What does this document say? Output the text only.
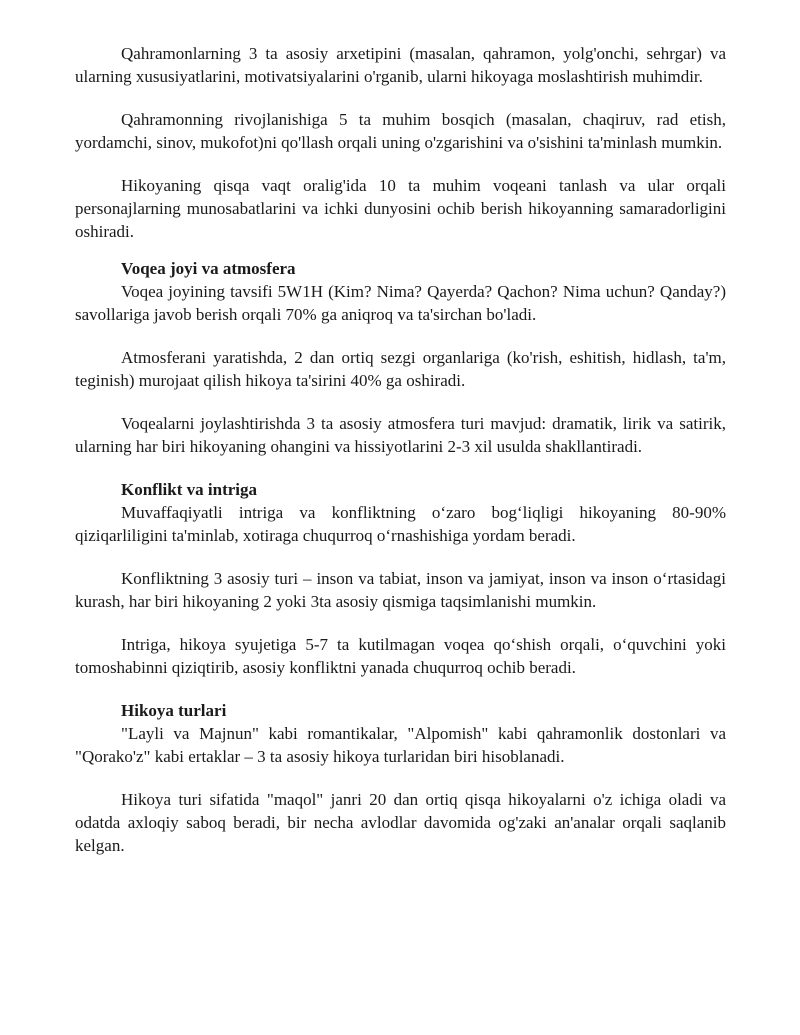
Qahramonlarning 3 ta asosiy arxetipini (masalan, qahramon, yolg'onchi, sehrgar) va ularning xususiyatlarini, motivatsiyalarini o'rganib, ularni hikoyaga moslashtirish muhimdir.

Qahramonning rivojlanishiga 5 ta muhim bosqich (masalan, chaqiruv, rad etish, yordamchi, sinov, mukofot)ni qo'llash orqali uning o'zgarishini va o'sishini ta'minlash mumkin.

Hikoyaning qisqa vaqt oralig'ida 10 ta muhim voqeani tanlash va ular orqali personajlarning munosabatlarini va ichki dunyosini ochib berish hikoyanning samaradorligini oshiradi.

Voqea joyi va atmosfera

Voqea joyining tavsifi 5W1H (Kim? Nima? Qayerda? Qachon? Nima uchun? Qanday?) savollariga javob berish orqali 70% ga aniqroq va ta'sirchan bo'ladi.

Atmosferani yaratishda, 2 dan ortiq sezgi organlariga (ko'rish, eshitish, hidlash, ta'm, teginish) murojaat qilish hikoya ta'sirini 40% ga oshiradi.

Voqealarni joylashtirishda 3 ta asosiy atmosfera turi mavjud: dramatik, lirik va satirik, ularning har biri hikoyaning ohangini va hissiyotlarini 2-3 xil usulda shakllantiradi.

Konflikt va intriga

Muvaffaqiyatli intriga va konfliktning o‘zaro bog‘liqligi hikoyaning 80-90% qiziqarliligini ta'minlab, xotiraga chuqurroq o‘rnashishiga yordam beradi.

Konfliktning 3 asosiy turi – inson va tabiat, inson va jamiyat, inson va inson o‘rtasidagi kurash, har biri hikoyaning 2 yoki 3ta asosiy qismiga taqsimlanishi mumkin.

Intriga, hikoya syujetiga 5-7 ta kutilmagan voqea qo‘shish orqali, o‘quvchini yoki tomoshabinni qiziqtirib, asosiy konfliktni yanada chuqurroq ochib beradi.

Hikoya turlari

"Layli va Majnun" kabi romantikalar, "Alpomish" kabi qahramonlik dostonlari va "Qorako'z" kabi ertaklar – 3 ta asosiy hikoya turlaridan biri hisoblanadi.

Hikoya turi sifatida "maqol" janri 20 dan ortiq qisqa hikoyalarni o'z ichiga oladi va odatda axloqiy saboq beradi, bir necha avlodlar davomida og'zaki an'analar orqali saqlanib kelgan.
